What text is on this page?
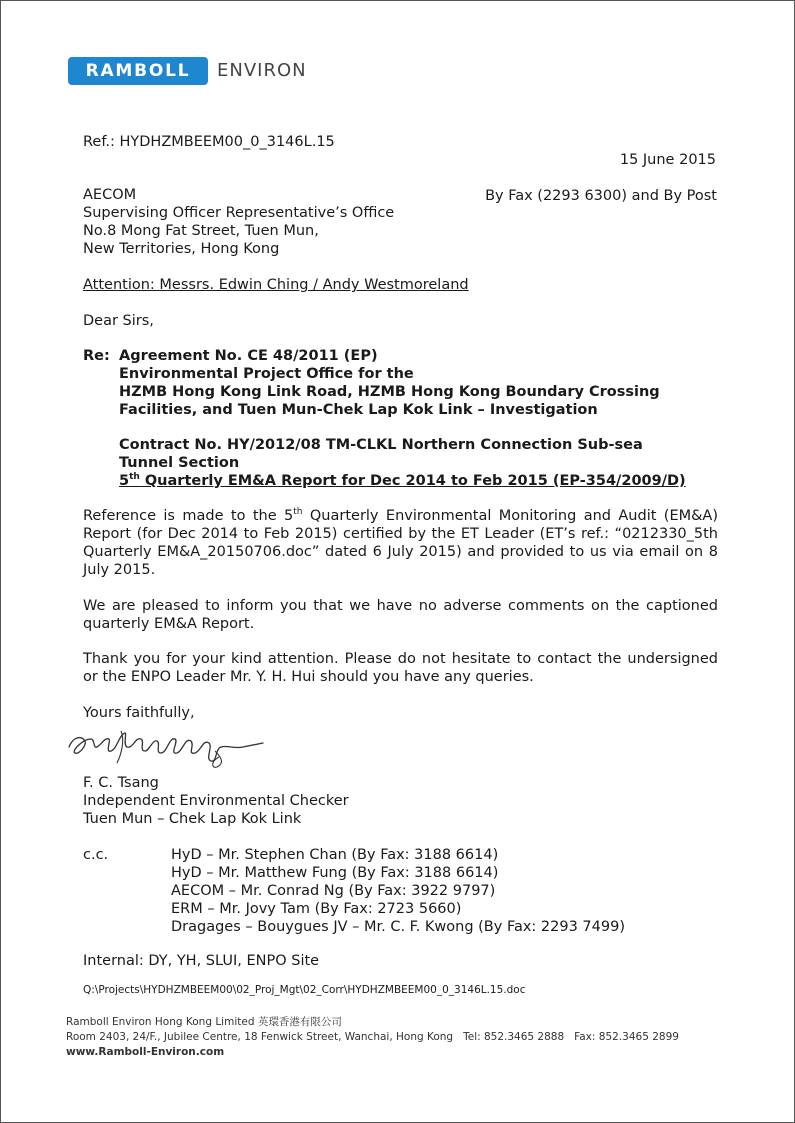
RAMBOLL	ENVIRON
Ref.: HYDHZMBEEM00_0_3146L.15
15 June 2015
AECOM
Supervising Officer Representative’s Office
No.8 Mong Fat Street, Tuen Mun,
New Territories, Hong Kong
By Fax (2293 6300) and By Post
Attention: Messrs. Edwin Ching / Andy Westmoreland
Dear Sirs,
Re: Agreement No. CE 48/2011 (EP)
Environmental Project Office for the
HZMB Hong Kong Link Road, HZMB Hong Kong Boundary Crossing
Facilities, and Tuen Mun-Chek Lap Kok Link – Investigation
Contract No. HY/2012/08 TM-CLKL Northern Connection Sub-sea
Tunnel Section
5th Quarterly EM&A Report for Dec 2014 to Feb 2015 (EP-354/2009/D)
Reference is made to the 5th Quarterly Environmental Monitoring and Audit (EM&A) Report (for Dec 2014 to Feb 2015) certified by the ET Leader (ET’s ref.: “0212330_5th Quarterly EM&A_20150706.doc” dated 6 July 2015) and provided to us via email on 8 July 2015.
We are pleased to inform you that we have no adverse comments on the captioned quarterly EM&A Report.
Thank you for your kind attention. Please do not hesitate to contact the undersigned or the ENPO Leader Mr. Y. H. Hui should you have any queries.
Yours faithfully,
F. C. Tsang
Independent Environmental Checker
Tuen Mun – Chek Lap Kok Link
c.c.	HyD – Mr. Stephen Chan (By Fax: 3188 6614)
HyD – Mr. Matthew Fung (By Fax: 3188 6614)
AECOM – Mr. Conrad Ng (By Fax: 3922 9797)
ERM – Mr. Jovy Tam (By Fax: 2723 5660)
Dragages – Bouygues JV – Mr. C. F. Kwong (By Fax: 2293 7499)
Internal: DY, YH, SLUI, ENPO Site
Q:\Projects\HYDHZMBEEM00\02_Proj_Mgt\02_Corr\HYDHZMBEEM00_0_3146L.15.doc
Ramboll Environ Hong Kong Limited 英環香港有限公司
Room 2403, 24/F., Jubilee Centre, 18 Fenwick Street, Wanchai, Hong Kong Tel: 852.3465 2888 Fax: 852.3465 2899
www.Ramboll-Environ.com
